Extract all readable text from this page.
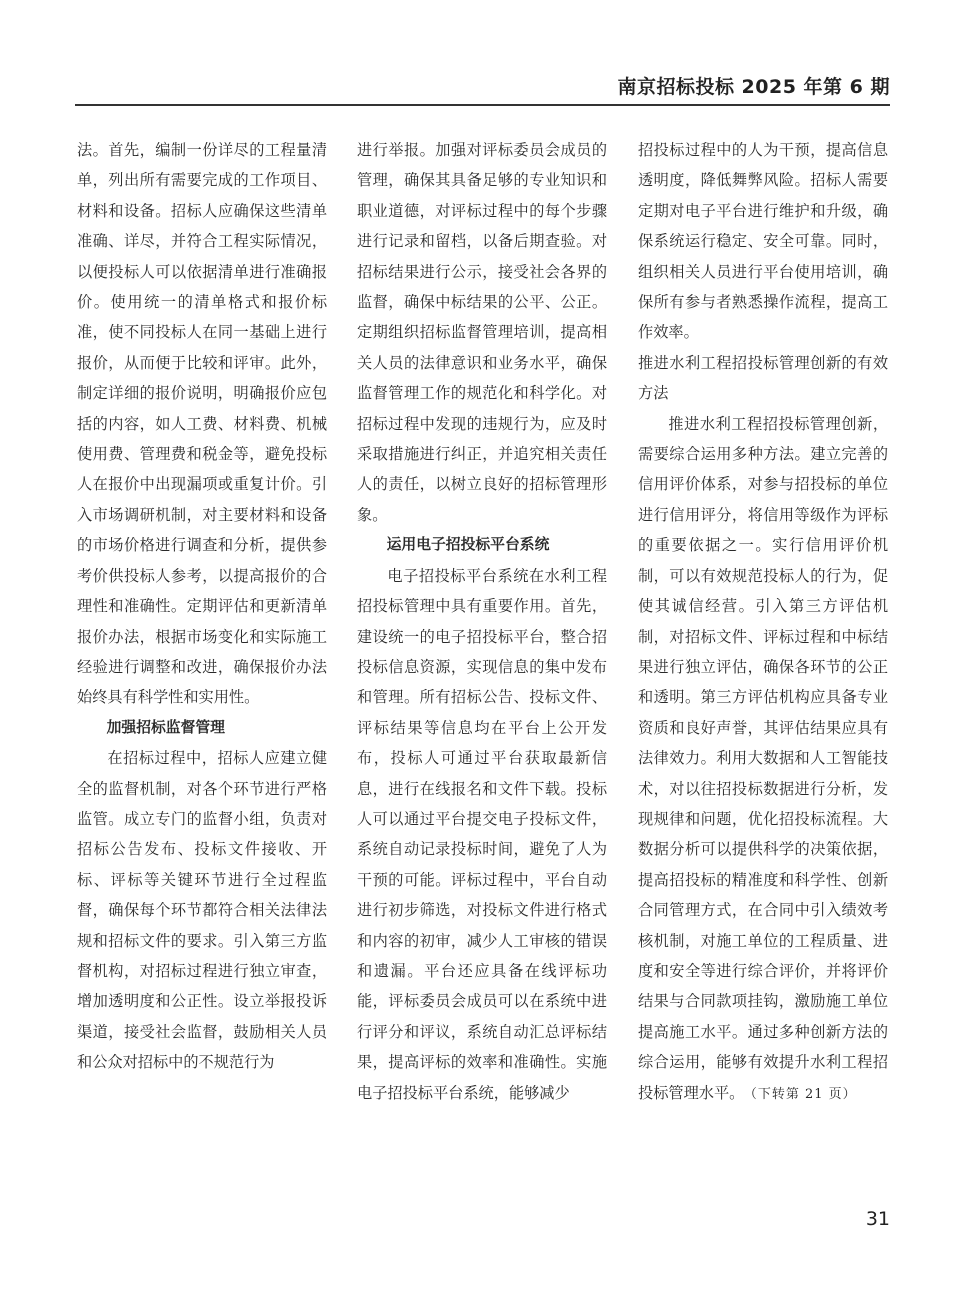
南京招标投标 2025 年第 6 期

法。首先，编制一份详尽的工程量清单，列出所有需要完成的工作项目、材料和设备。招标人应确保这些清单准确、详尽，并符合工程实际情况，以便投标人可以依据清单进行准确报价。使用统一的清单格式和报价标准，使不同投标人在同一基础上进行报价，从而便于比较和评审。此外，制定详细的报价说明，明确报价应包括的内容，如人工费、材料费、机械使用费、管理费和税金等，避免投标人在报价中出现漏项或重复计价。引入市场调研机制，对主要材料和设备的市场价格进行调查和分析，提供参考价供投标人参考，以提高报价的合理性和准确性。定期评估和更新清单报价办法，根据市场变化和实际施工经验进行调整和改进，确保报价办法始终具有科学性和实用性。

加强招标监督管理

在招标过程中，招标人应建立健全的监督机制，对各个环节进行严格监管。成立专门的监督小组，负责对招标公告发布、投标文件接收、开标、评标等关键环节进行全过程监督，确保每个环节都符合相关法律法规和招标文件的要求。引入第三方监督机构，对招标过程进行独立审查，增加透明度和公正性。设立举报投诉渠道，接受社会监督，鼓励相关人员和公众对招标中的不规范行为

进行举报。加强对评标委员会成员的管理，确保其具备足够的专业知识和职业道德，对评标过程中的每个步骤进行记录和留档，以备后期查验。对招标结果进行公示，接受社会各界的监督，确保中标结果的公平、公正。定期组织招标监督管理培训，提高相关人员的法律意识和业务水平，确保监督管理工作的规范化和科学化。对招标过程中发现的违规行为，应及时采取措施进行纠正，并追究相关责任人的责任，以树立良好的招标管理形象。

运用电子招投标平台系统

电子招投标平台系统在水利工程招投标管理中具有重要作用。首先，建设统一的电子招投标平台，整合招投标信息资源，实现信息的集中发布和管理。所有招标公告、投标文件、评标结果等信息均在平台上公开发布，投标人可通过平台获取最新信息，进行在线报名和文件下载。投标人可以通过平台提交电子投标文件，系统自动记录投标时间，避免了人为干预的可能。评标过程中，平台自动进行初步筛选，对投标文件进行格式和内容的初审，减少人工审核的错误和遗漏。平台还应具备在线评标功能，评标委员会成员可以在系统中进行评分和评议，系统自动汇总评标结果，提高评标的效率和准确性。实施电子招投标平台系统，能够减少

招投标过程中的人为干预，提高信息透明度，降低舞弊风险。招标人需要定期对电子平台进行维护和升级，确保系统运行稳定、安全可靠。同时，组织相关人员进行平台使用培训，确保所有参与者熟悉操作流程，提高工作效率。

推进水利工程招投标管理创新的有效方法

推进水利工程招投标管理创新，需要综合运用多种方法。建立完善的信用评价体系，对参与招投标的单位进行信用评分，将信用等级作为评标的重要依据之一。实行信用评价机制，可以有效规范投标人的行为，促使其诚信经营。引入第三方评估机制，对招标文件、评标过程和中标结果进行独立评估，确保各环节的公正和透明。第三方评估机构应具备专业资质和良好声誉，其评估结果应具有法律效力。利用大数据和人工智能技术，对以往招投标数据进行分析，发现规律和问题，优化招投标流程。大数据分析可以提供科学的决策依据，提高招投标的精准度和科学性、创新合同管理方式，在合同中引入绩效考核机制，对施工单位的工程质量、进度和安全等进行综合评价，并将评价结果与合同款项挂钩，激励施工单位提高施工水平。通过多种创新方法的综合运用，能够有效提升水利工程招投标管理水平。 （下转第 21 页）

31
